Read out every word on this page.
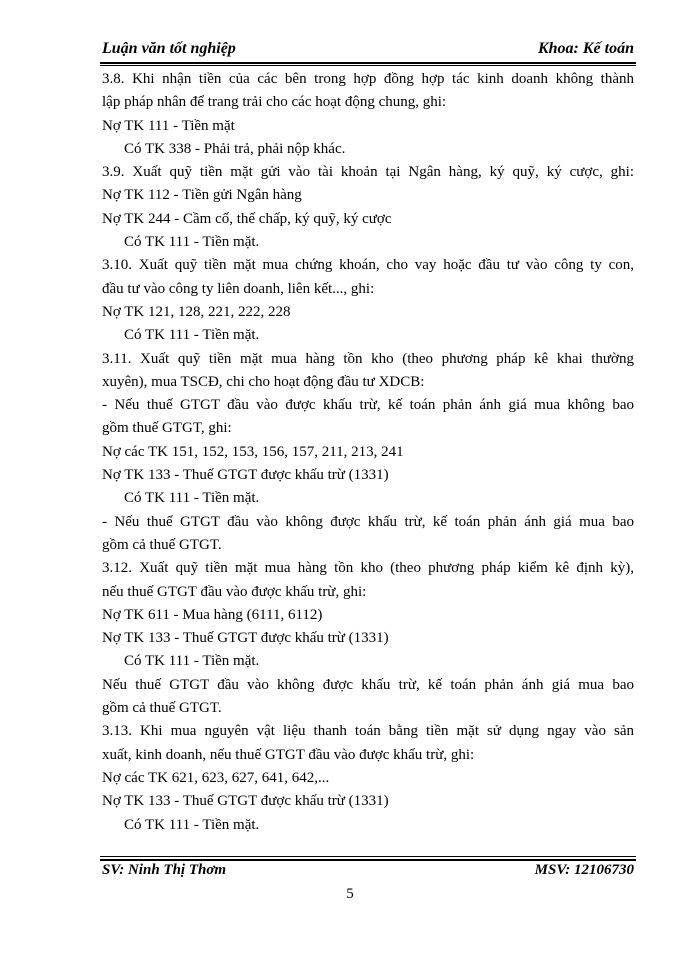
Luận văn tốt nghiệp	Khoa: Kế toán
3.8. Khi nhận tiền của các bên trong hợp đồng hợp tác kinh doanh không thành
lập pháp nhân để trang trải cho các hoạt động chung, ghi:
Nợ TK 111 - Tiền mặt
Có TK 338 - Phải trả, phải nộp khác.
3.9. Xuất quỹ tiền mặt gửi vào tài khoản tại Ngân hàng, ký quỹ, ký cược, ghi:
Nợ TK 112 - Tiền gửi Ngân hàng
Nợ TK 244 - Cầm cố, thế chấp, ký quỹ, ký cược
Có TK 111 - Tiền mặt.
3.10. Xuất quỹ tiền mặt mua chứng khoán, cho vay hoặc đầu tư vào công ty con,
đầu tư vào công ty liên doanh, liên kết..., ghi:
Nợ TK 121, 128, 221, 222, 228
Có TK 111 - Tiền mặt.
3.11. Xuất quỹ tiền mặt mua hàng tồn kho (theo phương pháp kê khai thường
xuyên), mua TSCĐ, chi cho hoạt động đầu tư XDCB:
- Nếu thuế GTGT đầu vào được khấu trừ, kế toán phản ánh giá mua không bao
gồm thuế GTGT, ghi:
Nợ các TK 151, 152, 153, 156, 157, 211, 213, 241
Nợ TK 133 - Thuế GTGT được khấu trừ (1331)
Có TK 111 - Tiền mặt.
- Nếu thuế GTGT đầu vào không được khấu trừ, kế toán phản ánh giá mua bao
gồm cả thuế GTGT.
3.12. Xuất quỹ tiền mặt mua hàng tồn kho (theo phương pháp kiểm kê định kỳ),
nếu thuế GTGT đầu vào được khấu trừ, ghi:
Nợ TK 611 - Mua hàng (6111, 6112)
Nợ TK 133 - Thuế GTGT được khấu trừ (1331)
Có TK 111 - Tiền mặt.
Nếu thuế GTGT đầu vào không được khấu trừ, kế toán phản ánh giá mua bao
gồm cả thuế GTGT.
3.13. Khi mua nguyên vật liệu thanh toán bằng tiền mặt sử dụng ngay vào sản
xuất, kinh doanh, nếu thuế GTGT đầu vào được khấu trừ, ghi:
Nợ các TK 621, 623, 627, 641, 642,...
Nợ TK 133 - Thuế GTGT được khấu trừ (1331)
Có TK 111 - Tiền mặt.
SV: Ninh Thị Thơm	MSV: 12106730
5
